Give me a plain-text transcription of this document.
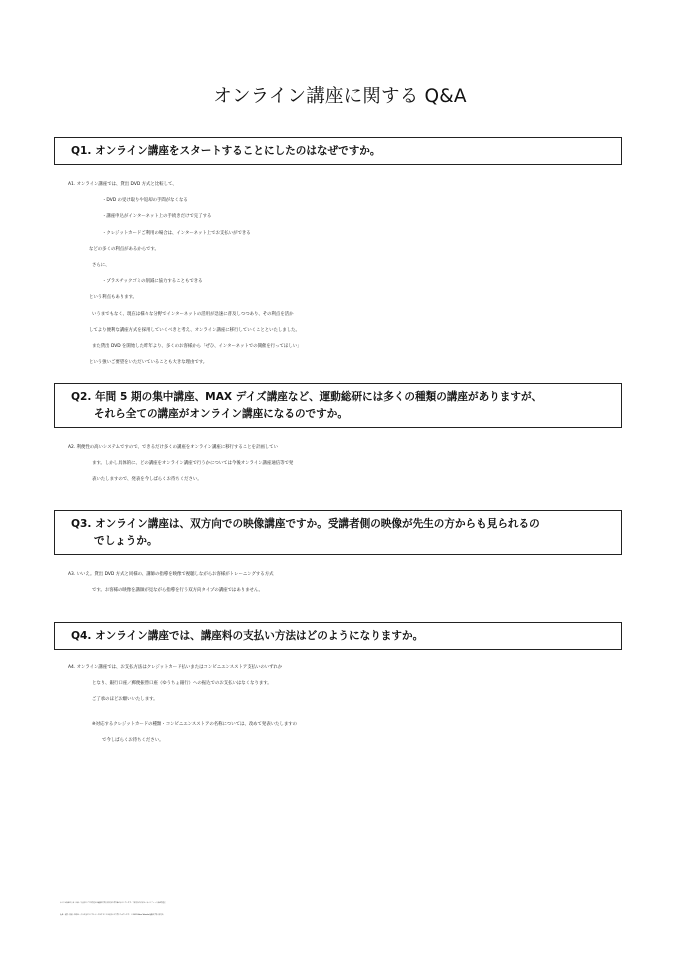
オンライン講座に関する Q&A
Q1. オンライン講座をスタートすることにしたのはなぜですか。
A1. オンライン講座では、貸出 DVD 方式と比較して、
・DVD の受け取りや返却の手間がなくなる
・講座申込がインターネット上の手続きだけで完了する
・クレジットカードご利用の場合は、インターネット上でお支払いができる
などの多くの利点があるからです。
さらに、
・プラスチックゴミの削減に協力することもできる
という利点もあります。
いうまでもなく、現在は様々な分野でインターネットの活用が急速に普及しつつあり、その利点を活か
してより便利な講座方式を採用していくべきと考え、オンライン講座に移行していくことといたしました。
また貸出 DVD を開始した昨年より、多くのお客様から「ぜひ、インターネットでの開催を行ってほしい」
という強いご要望をいただいていることも大きな理由です。
Q2. 年間 5 期の集中講座、MAX デイズ講座など、運動総研には多くの種類の講座がありますが、
それら全ての講座がオンライン講座になるのですか。
A2. 利便性の高いシステムですので、できるだけ多くの講座をオンライン講座に移行することを計画してい
ます。しかし具体的に、どの講座をオンライン講座で行うかについては今後オンライン講座通信等で発
表いたしますので、発表を今しばらくお待ちください。
Q3. オンライン講座は、双方向での映像講座ですか。受講者側の映像が先生の方からも見られるの
でしょうか。
A3. いいえ。貸出 DVD 方式と同様の、講師の指導を映像で視聴しながらお客様がトレーニングする方式
です。お客様の映像を講師が見ながら指導を行う双方向タイプの講座ではありません。
Q4. オンライン講座では、講座料の支払い方法はどのようになりますか。
A4. オンライン講座では、お支払方法はクレジットカード払いまたはコンビニエンスストア支払いのいずれか
となり、銀行口座／郵便振替口座（ゆうちょ銀行）への振込でのお支払いはなくなります。
ご了承のほどお願いいたします。
※対応するクレジットカードの種類・コンビニエンスストアの名称については、改めて発表いたしますの
で今しばらくお待ちください。
本チラシ掲載の文章・図面・写真等の全ての情報には運動科学総合研究所の著作権が成立しています。当研究所の許諾なく本パンフレット掲載情報を
転載・複製・模倣・映像化・音声化及びデジタルデータ化することは法律により禁じられています。 ©2021 Hideo Takaoka 運動科学総合研究所
